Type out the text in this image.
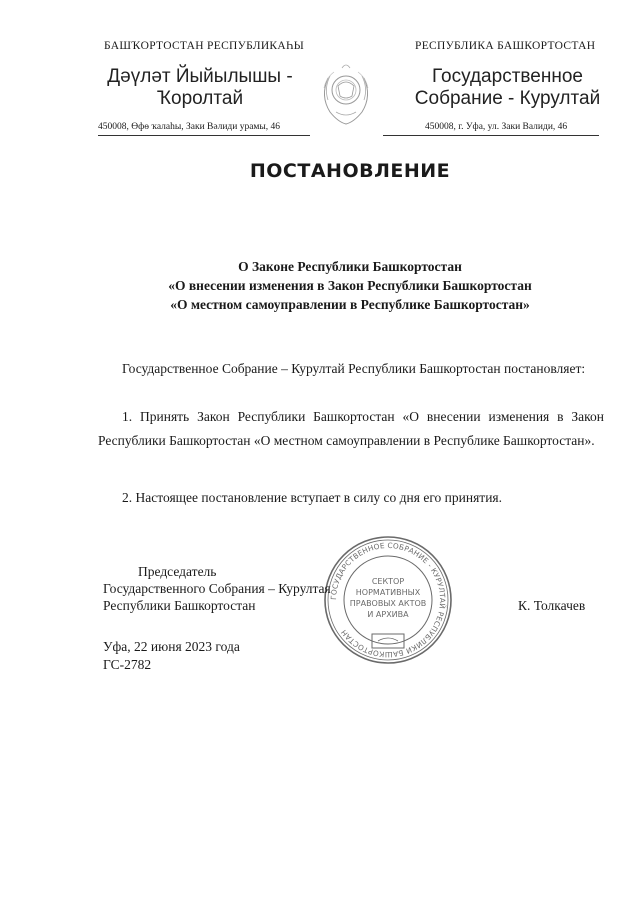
БАШҠОРТОСТАН РЕСПУБЛИКАҺЫ	РЕСПУБЛИКА БАШКОРТОСТАН
Дәүләт Йыйылышы -
Ҡоролтай
Государственное
Собрание - Курултай
450008, Өфө ҡалаһы, Заки Вәлиди урамы, 46	450008, г. Уфа, ул. Заки Валиди, 46
ПОСТАНОВЛЕНИЕ
О Законе Республики Башкортостан
«О внесении изменения в Закон Республики Башкортостан
«О местном самоуправлении в Республике Башкортостан»
Государственное Собрание – Курултай Республики Башкортостан постановляет:
1. Принять Закон Республики Башкортостан «О внесении изменения в Закон Республики Башкортостан «О местном самоуправлении в Республике Башкортостан».
2. Настоящее постановление вступает в силу со дня его принятия.
ГОСУДАРСТВЕННОЕ СОБРАНИЕ - КУРУЛТАЙ РЕСПУБЛИКИ БАШКОРТОСТАН
СЕКТОР
НОРМАТИВНЫХ
ПРАВОВЫХ АКТОВ
И АРХИВА
Председатель
Государственного Собрания – Курултая
Республики Башкортостан	К. Толкачев
Уфа, 22 июня 2023 года
ГС-2782
